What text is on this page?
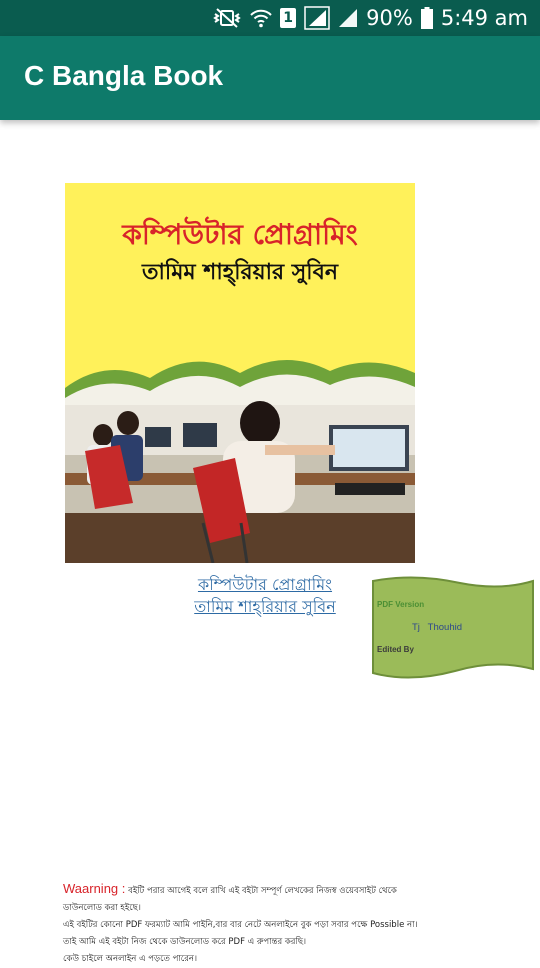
1	90% 5:49 am
C Bangla Book
কম্পিউটার প্রোগ্রামিং
তামিম শাহ্‌রিয়ার সুবিন
কম্পিউটার প্রোগ্রামিং
তামিম শাহ্‌রিয়ার সুবিন	PDF Version
Tj   Thouhid
Edited By
Waarning : বইটি পরার আগেই বলে রাখি এই বইটা সম্পূর্ণ লেখকের নিজস্ব ওয়েবসাইট থেকে
ডাউনলোড করা হইছে।
এই বইটির কোনো PDF ফরম্যাট আমি পাইনি,বার বার নেটে অনলাইনে বুক পড়া সবার পক্ষে Possible না।
তাই আমি এই বইটা নিজ থেকে ডাউনলোড করে PDF এ রুপান্তর করছি।
কেউ চাইলে অনলাইন এ পড়তে পারেন।
